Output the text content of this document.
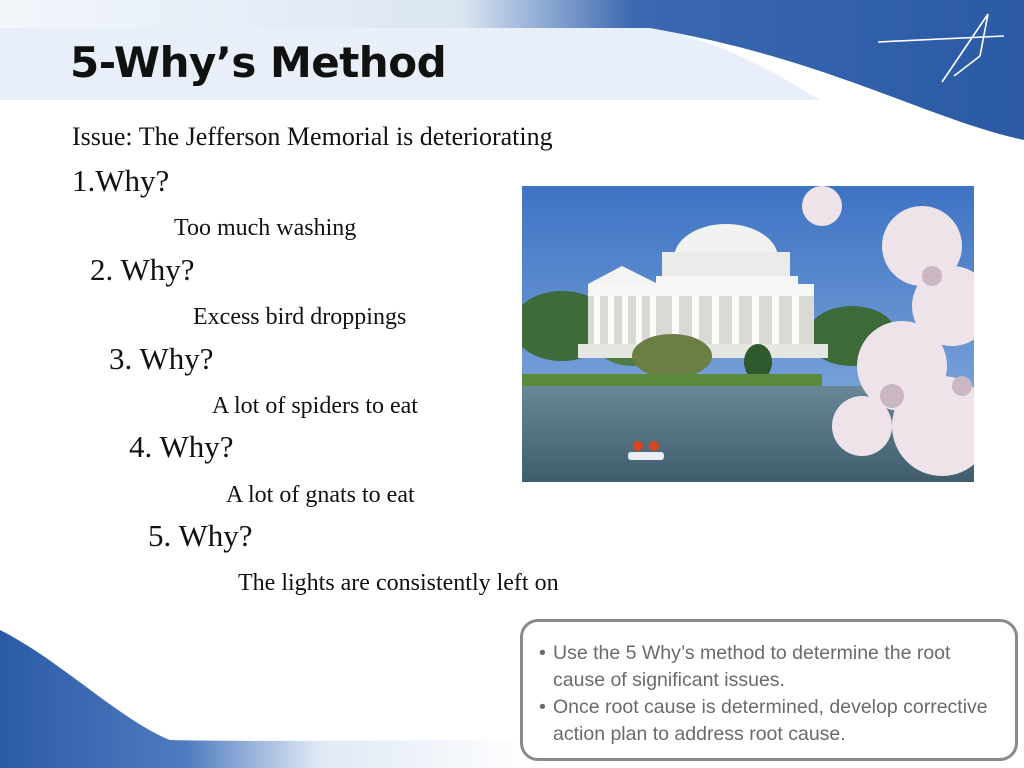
5-Why’s Method
Issue: The Jefferson Memorial is deteriorating
1.Why?
Too much washing
2. Why?
Excess bird droppings
3. Why?
A lot of spiders to eat
4. Why?
A lot of gnats to eat
5. Why?
The lights are consistently left on
• Use the 5 Why’s method to determine the root cause of significant issues.
• Once root cause is determined, develop corrective action plan to address root cause.
